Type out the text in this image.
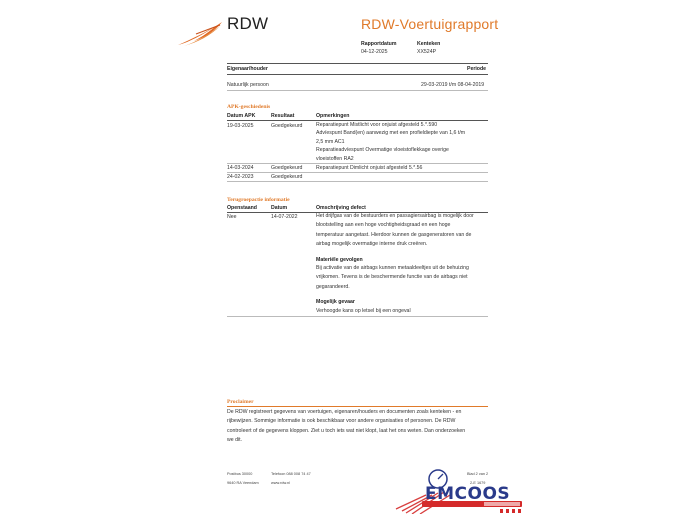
RDW	RDW-Voertuigrapport
Rapportdatum
04-12-2025
Kenteken
XX524P
Eigenaar/houder	Periode
Natuurlijk persoon	29-03-2019 t/m 08-04-2019
APK-geschiedenis
Datum APK	Resultaat	Opmerkingen
19-03-2025	Goedgekeurd	Reparatiepunt Mistlicht voor onjuist afgesteld 5.*.590
Advíespunt Band(en) aanwezig met een profieldiepte van 1,6 t/m
2,5 mm AC1
Reparatieadvíespunt Overmatige vloeistoflekkage overige
vloeistoffen RA2
14-03-2024	Goedgekeurd	Reparatiepunt Dimlicht onjuist afgesteld 5.*.56
24-02-2023	Goedgekeurd
Terugroepactie informatie
Openstaand	Datum	Omschrijving defect
Nee	14-07-2022	Het drijfgas van de bestuurders en passagiersairbag is mogelijk door
blootstelling aan een hoge vochtigheidsgraad en een hoge
temperatuur aangetast. Hierdoor kunnen de gasgeneratoren van de
airbag mogelijk overmatige interne druk creëren.
Materiële gevolgen
Bij activatie van de airbags kunnen metaaldeeltjes uit de behuizing
vrijkomen. Tevens is de beschermende functie van de airbags niet
gegarandeerd.
Mogelijk gevaar
Verhoogde kans op letsel bij een ongeval
Proclaimer
De RDW registreert gegevens van voertuigen, eigenaren/houders en documenten zoals kenteken - en
rijbewijzen. Sommige informatie is ook beschikbaar voor andere organisaties of personen. De RDW
controleert of de gegevens kloppen. Ziet u toch iets wat niet klopt, laat het ons weten. Dan onderzoeken
we dit.
Postbus 30000
9640 RA Veendam
Telefoon 088 008 74 47
www.rdw.nl
Blad 2 van 2
2-E 1679
EMCOOS
